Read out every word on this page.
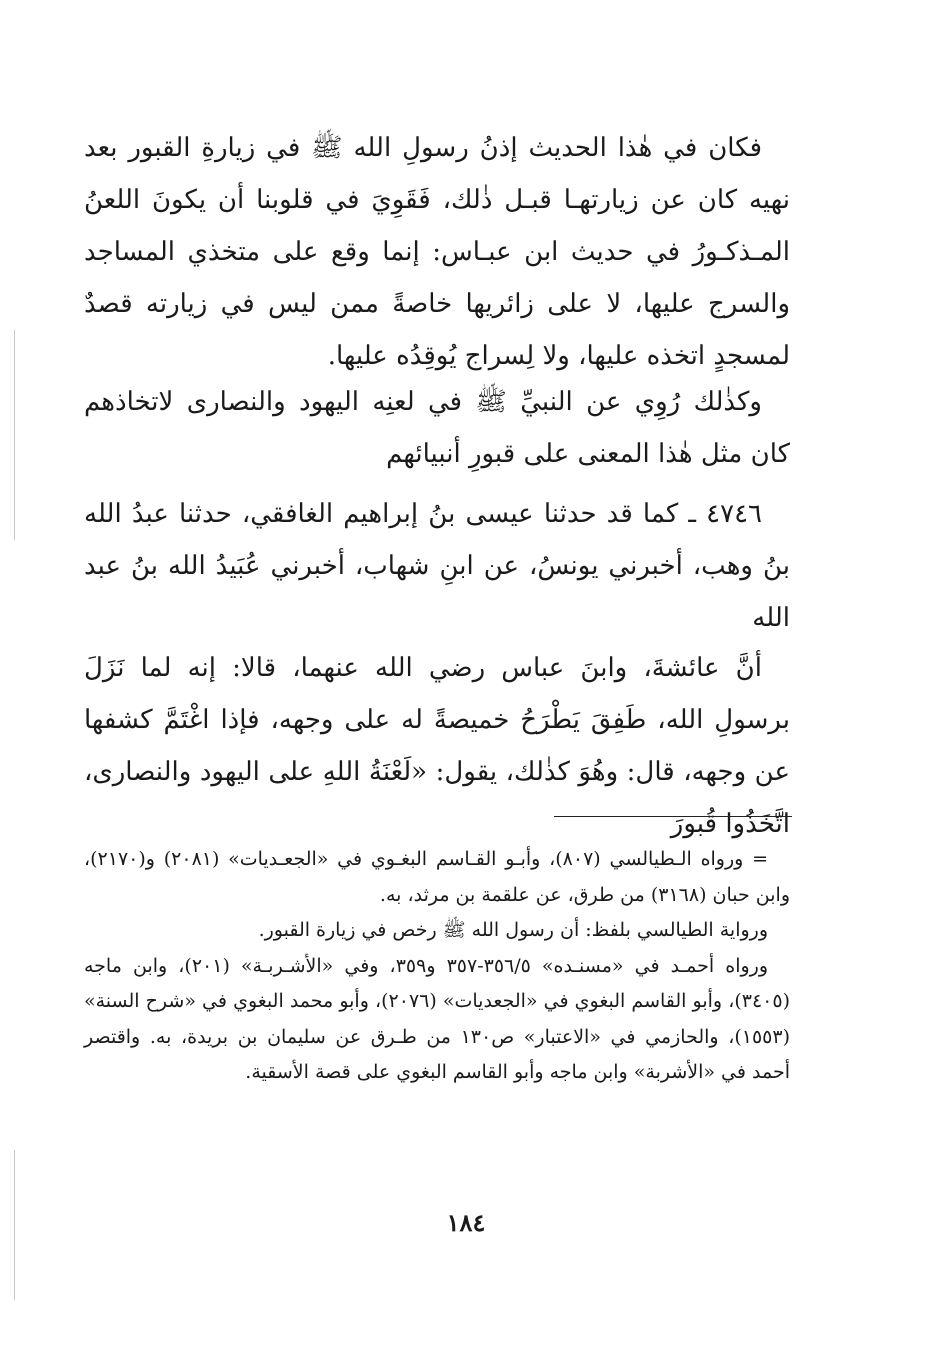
فكان في هٰذا الحديث إذنُ رسولِ الله ﷺ في زيارةِ القبور بعد نهيه كان عن زيارتهـا قبـل ذٰلك، فَقَوِيَ في قلوبنا أن يكونَ اللعنُ المـذكـورُ في حديث ابن عبـاس: إنما وقع على متخذي المساجد والسرج عليها، لا على زائريها خاصةً ممن ليس في زيارته قصدٌ لمسجدٍ اتخذه عليها، ولا لِسراج يُوقِدُه عليها.

وكذٰلك رُوِي عن النبيِّ ﷺ في لعنِه اليهود والنصارى لاتخاذهم كان مثل هٰذا المعنى على قبورِ أنبيائهم

٤٧٤٦ ـ كما قد حدثنا عيسى بنُ إبراهيم الغافقي، حدثنا عبدُ الله بنُ وهب، أخبرني يونسُ، عن ابنِ شهاب، أخبرني عُبَيدُ الله بنُ عبد الله

أنَّ عائشةَ، وابنَ عباس رضي الله عنهما، قالا: إنه لما نَزَلَ برسولِ الله، طَفِقَ يَطْرَحُ خميصةً له على وجهه، فإذا اغْتَمَّ كشفها عن وجهه، قال: وهُوَ كذٰلك، يقول: «لَعْنَةُ اللهِ على اليهود والنصارى، اتَّخَذُوا قُبورَ

= ورواه الـطيالسي (٨٠٧)، وأبـو القـاسم البغـوي في «الجعـديات» (٢٠٨١) و(٢١٧٠)، وابن حبان (٣١٦٨) من طرق، عن علقمة بن مرثد، به.

ورواية الطيالسي بلفظ: أن رسول الله ﷺ رخص في زيارة القبور.

ورواه أحمـد في «مسنـده» ٣٥٦/٥-٣٥٧ و٣٥٩، وفي «الأشـربـة» (٢٠١)، وابن ماجه (٣٤٠٥)، وأبو القاسم البغوي في «الجعديات» (٢٠٧٦)، وأبو محمد البغوي في «شرح السنة» (١٥٥٣)، والحازمي في «الاعتبار» ص١٣٠ من طـرق عن سليمان بن بريدة، به. واقتصر أحمد في «الأشربة» وابن ماجه وأبو القاسم البغوي على قصة الأسقية.

١٨٤
